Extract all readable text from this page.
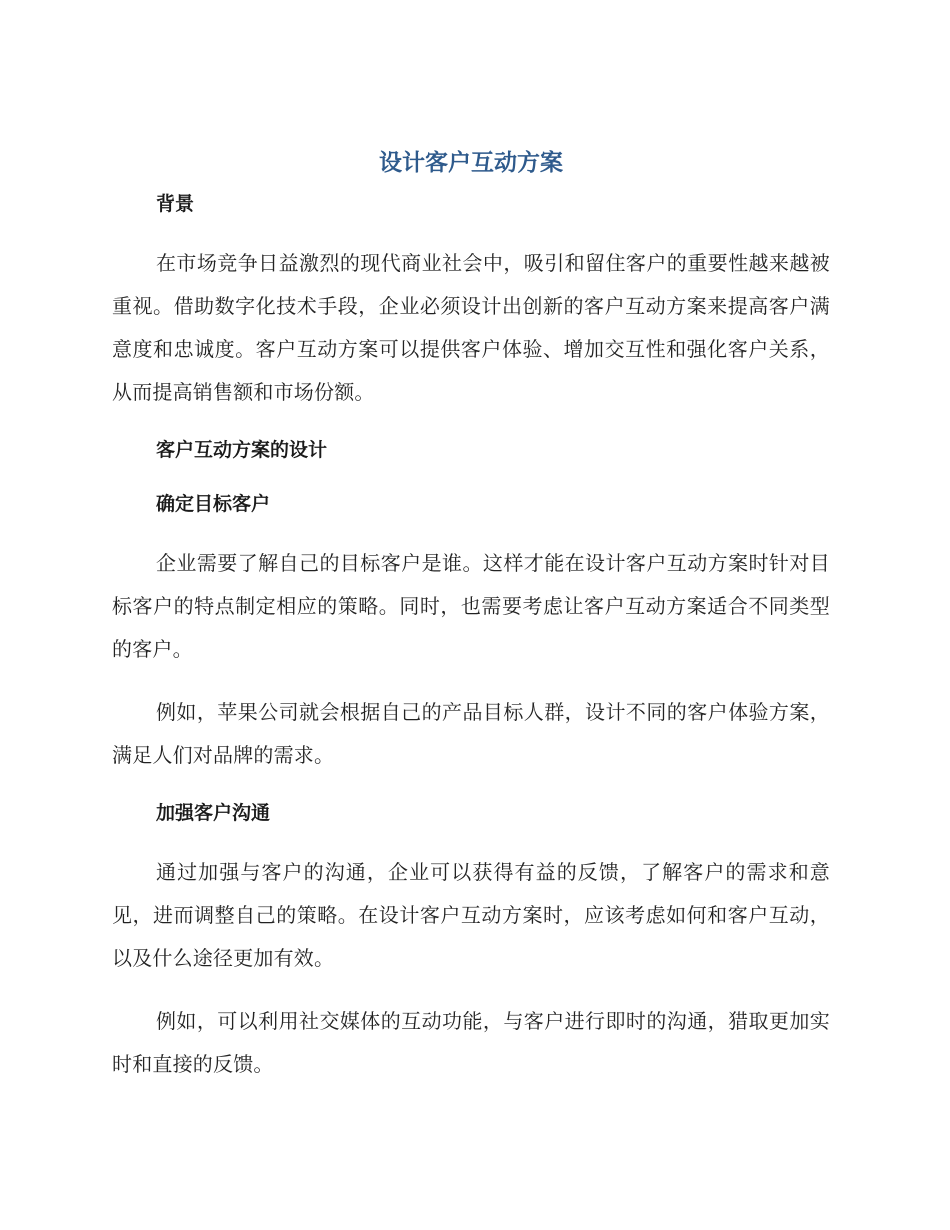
设计客户互动方案
背景

在市场竞争日益激烈的现代商业社会中，吸引和留住客户的重要性越来越被重视。借助数字化技术手段，企业必须设计出创新的客户互动方案来提高客户满意度和忠诚度。客户互动方案可以提供客户体验、增加交互性和强化客户关系，从而提高销售额和市场份额。

客户互动方案的设计
确定目标客户

企业需要了解自己的目标客户是谁。这样才能在设计客户互动方案时针对目标客户的特点制定相应的策略。同时，也需要考虑让客户互动方案适合不同类型的客户。

例如，苹果公司就会根据自己的产品目标人群，设计不同的客户体验方案，满足人们对品牌的需求。

加强客户沟通

通过加强与客户的沟通，企业可以获得有益的反馈，了解客户的需求和意见，进而调整自己的策略。在设计客户互动方案时，应该考虑如何和客户互动，以及什么途径更加有效。

例如，可以利用社交媒体的互动功能，与客户进行即时的沟通，猎取更加实时和直接的反馈。
